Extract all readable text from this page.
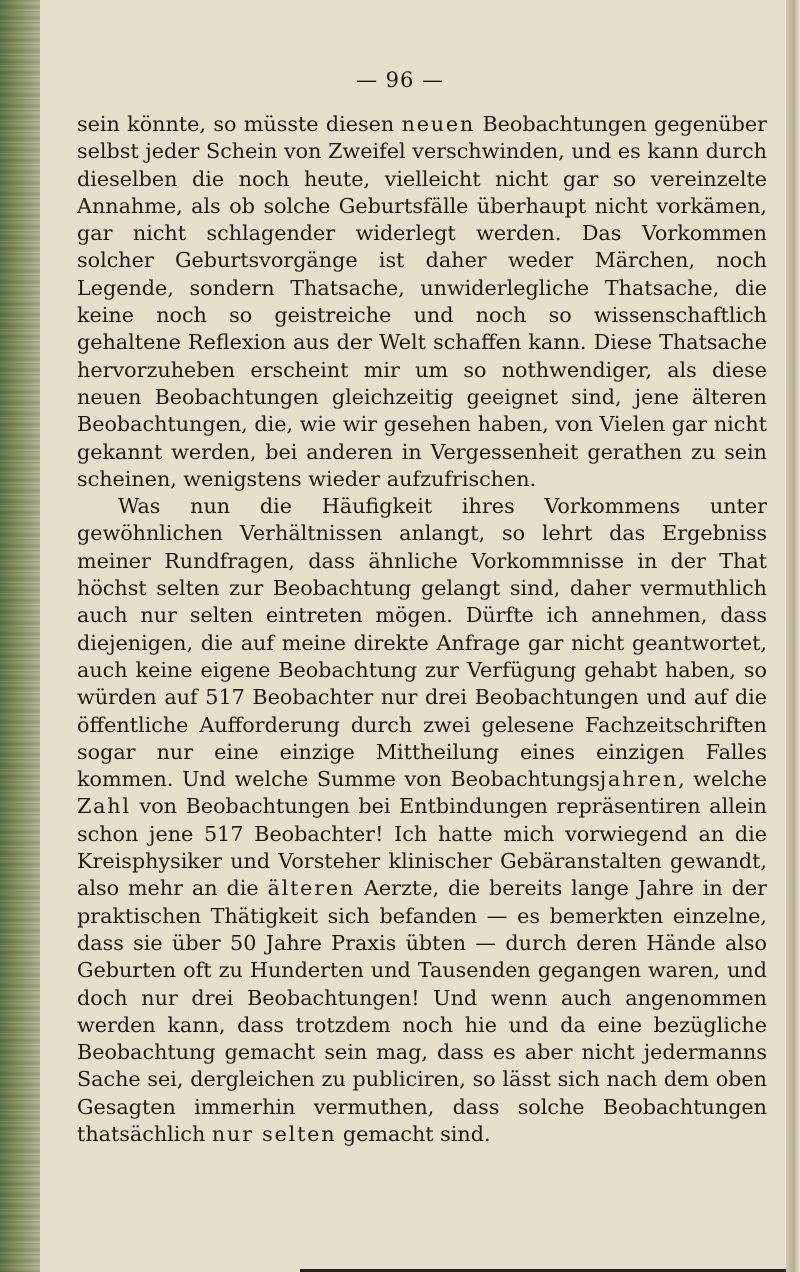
— 96 —

sein könnte, so müsste diesen neuen Beobachtungen gegenüber selbst jeder Schein von Zweifel verschwinden, und es kann durch dieselben die noch heute, vielleicht nicht gar so vereinzelte Annahme, als ob solche Geburtsfälle überhaupt nicht vorkämen, gar nicht schlagender widerlegt werden. Das Vorkommen solcher Geburtsvorgänge ist daher weder Märchen, noch Legende, sondern Thatsache, unwiderlegliche Thatsache, die keine noch so geistreiche und noch so wissenschaftlich gehaltene Reflexion aus der Welt schaffen kann. Diese Thatsache hervorzuheben erscheint mir um so nothwendiger, als diese neuen Beobachtungen gleichzeitig geeignet sind, jene älteren Beobachtungen, die, wie wir gesehen haben, von Vielen gar nicht gekannt werden, bei anderen in Vergessenheit gerathen zu sein scheinen, wenigstens wieder aufzufrischen.

Was nun die Häufigkeit ihres Vorkommens unter gewöhnlichen Verhältnissen anlangt, so lehrt das Ergebniss meiner Rundfragen, dass ähnliche Vorkommnisse in der That höchst selten zur Beobachtung gelangt sind, daher vermuthlich auch nur selten eintreten mögen. Dürfte ich annehmen, dass diejenigen, die auf meine direkte Anfrage gar nicht geantwortet, auch keine eigene Beobachtung zur Verfügung gehabt haben, so würden auf 517 Beobachter nur drei Beobachtungen und auf die öffentliche Aufforderung durch zwei gelesene Fachzeitschriften sogar nur eine einzige Mittheilung eines einzigen Falles kommen. Und welche Summe von Beobachtungsjahren, welche Zahl von Beobachtungen bei Entbindungen repräsentiren allein schon jene 517 Beobachter! Ich hatte mich vorwiegend an die Kreisphysiker und Vorsteher klinischer Gebäranstalten gewandt, also mehr an die älteren Aerzte, die bereits lange Jahre in der praktischen Thätigkeit sich befanden — es bemerkten einzelne, dass sie über 50 Jahre Praxis übten — durch deren Hände also Geburten oft zu Hunderten und Tausenden gegangen waren, und doch nur drei Beobachtungen! Und wenn auch angenommen werden kann, dass trotzdem noch hie und da eine bezügliche Beobachtung gemacht sein mag, dass es aber nicht jedermanns Sache sei, dergleichen zu publiciren, so lässt sich nach dem oben Gesagten immerhin vermuthen, dass solche Beobachtungen thatsächlich nur selten gemacht sind.
